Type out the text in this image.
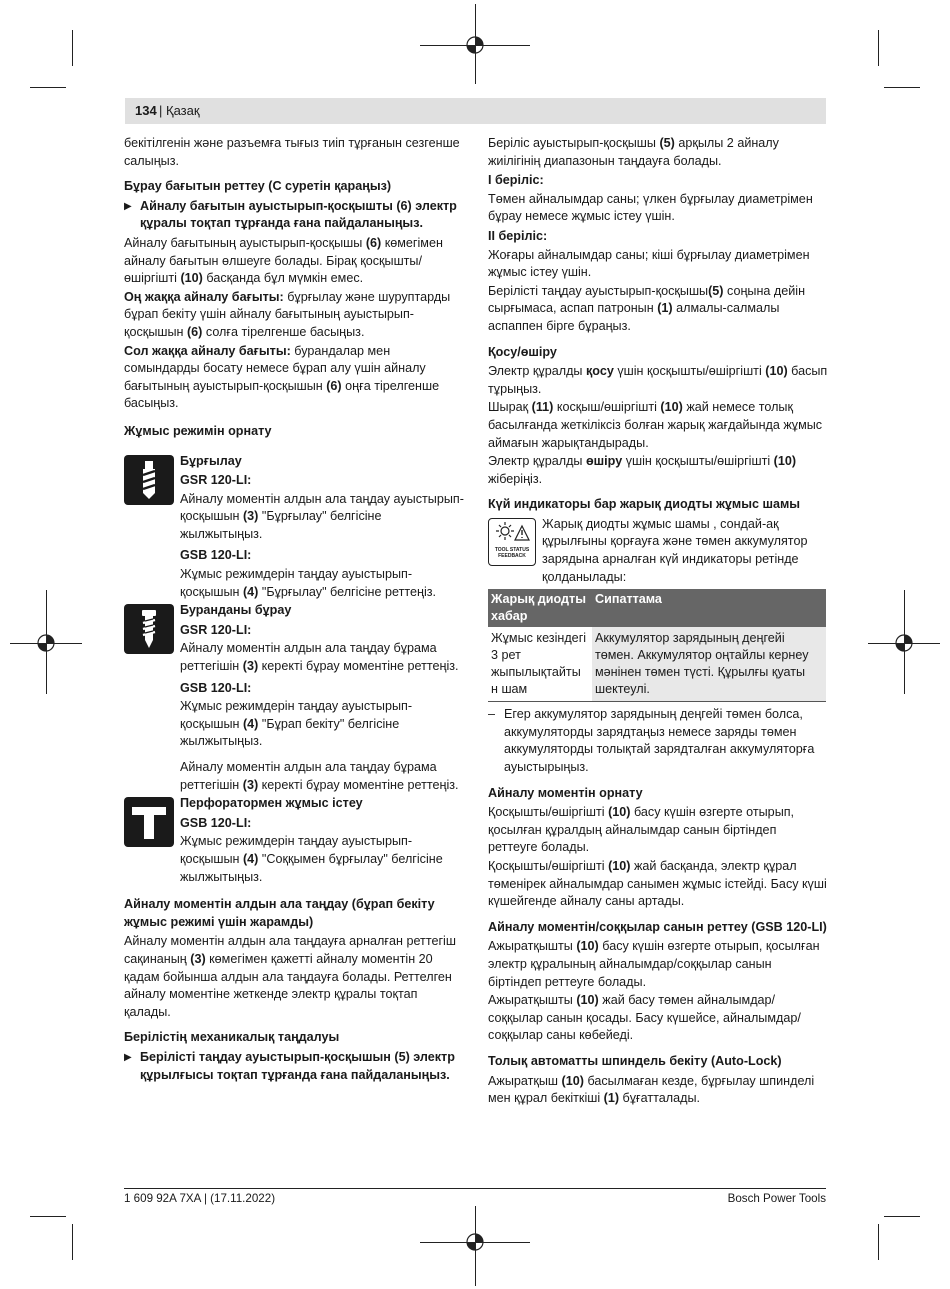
134 | Қазақ

бекітілгенін және разъемға тығыз тиіп тұрғанын сезгенше салыңыз.

Бұрау бағытын реттеу (C суретін қараңыз)

▶ Айналу бағытын ауыстырып-қосқышты (6) электр құралы тоқтап тұрғанда ғана пайдаланыңыз.

Айналу бағытының ауыстырып-қосқышы (6) көмегімен айналу бағытын өлшеуге болады. Бірақ қосқышты/ өшіргішті (10) басқанда бұл мүмкін емес.

Оң жаққа айналу бағыты: бұрғылау және шуруптарды бұрап бекіту үшін айналу бағытының ауыстырып-қосқышын (6) солға тірелгенше басыңыз.

Сол жаққа айналу бағыты: бурандалар мен сомындарды босату немесе бұрап алу үшін айналу бағытының ауыстырып-қосқышын (6) оңға тірелгенше басыңыз.

Жұмыс режимін орнату

Бұрғылау

GSR 120-LI:

Айналу моментін алдын ала таңдау ауыстырып-қосқышын (3) "Бұрғылау" белгісіне жылжытыңыз.

GSB 120-LI:

Жұмыс режимдерін таңдау ауыстырып-қосқышын (4) "Бұрғылау" белгісіне реттеңіз.

Буранданы бұрау

GSR 120-LI:

Айналу моментін алдын ала таңдау бұрама реттегішін (3) керекті бұрау моментіне реттеңіз.

GSB 120-LI:

Жұмыс режимдерін таңдау ауыстырып-қосқышын (4) "Бұрап бекіту" белгісіне жылжытыңыз.

Айналу моментін алдын ала таңдау бұрама реттегішін (3) керекті бұрау моментіне реттеңіз.

Перфоратормен жұмыс істеу

GSB 120-LI:

Жұмыс режимдерін таңдау ауыстырып-қосқышын (4) "Соққымен бұрғылау" белгісіне жылжытыңыз.

Айналу моментін алдын ала таңдау (бұрап бекіту жұмыс режимі үшін жарамды)

Айналу моментін алдын ала таңдауға арналған реттегіш сақинаның (3) көмегімен қажетті айналу моментін 20 қадам бойынша алдын ала таңдауға болады. Реттелген айналу моментіне жеткенде электр құралы тоқтап қалады.

Берілістің механикалық таңдалуы

▶ Берілісті таңдау ауыстырып-қосқышын (5) электр құрылғысы тоқтап тұрғанда ғана пайдаланыңыз.

Беріліс ауыстырып-қосқышы (5) арқылы 2 айналу жиілігінің диапазонын таңдауға болады.

I беріліс:

Төмен айналымдар саны; үлкен бұрғылау диаметрімен бұрау немесе жұмыс істеу үшін.

II беріліс:

Жоғары айналымдар саны; кіші бұрғылау диаметрімен жұмыс істеу үшін.

Берілісті таңдау ауыстырып-қосқышы(5) соңына дейін сырғымаса, аспап патронын (1) алмалы-салмалы аспаппен бірге бұраңыз.

Қосу/өшіру

Электр құралды қосу үшін қосқышты/өшіргішті (10) басып тұрыңыз.

Шырақ (11) косқыш/өшіргішті (10) жай немесе толық басылғанда жеткіліксіз болған жарық жағдайында жұмыс аймағын жарықтандырады.

Электр құралды өшіру үшін қосқышты/өшіргішті (10) жіберіңіз.

Күй индикаторы бар жарық диодты жұмыс шамы

TOOL STATUS FEEDBACK

Жарық диодты жұмыс шамы , сондай-ақ құрылғыны қорғауға және төмен аккумулятор зарядына арналған күй индикаторы ретінде қолданылады:

Жарық диодты хабар	Сипаттама
Жұмыс кезіндегі 3 рет жыпылықтайты н шам	Аккумулятор зарядының деңгейі төмен. Аккумулятор оңтайлы кернеу мәнінен төмен түсті. Құрылғы қуаты шектеулі.
– Егер аккумулятор зарядының деңгейі төмен болса, аккумуляторды зарядтаңыз немесе заряды төмен аккумуляторды толықтай зарядталған аккумуляторға ауыстырыңыз.

Айналу моментін орнату

Қосқышты/өшіргішті (10) басу күшін өзгерте отырып, қосылған құралдың айналымдар санын біртіндеп реттеуге болады.

Қосқышты/өшіргішті (10) жай басқанда, электр құрал төменірек айналымдар санымен жұмыс істейді. Басу күші күшейгенде айналу саны артады.

Айналу моментін/соққылар санын реттеу (GSB 120-LI)

Ажыратқышты (10) басу күшін өзгерте отырып, қосылған электр құралының айналымдар/соққылар санын біртіндеп реттеуге болады.

Ажыратқышты (10) жай басу төмен айналымдар/ соққылар санын қосады. Басу күшейсе, айналымдар/ соққылар саны көбейеді.

Толық автоматты шпиндель бекіту (Auto-Lock)

Ажыратқыш (10) басылмаған кезде, бұрғылау шпинделі мен құрал бекіткіші (1) бұғатталады.

1 609 92A 7XA | (17.11.2022)	Bosch Power Tools
